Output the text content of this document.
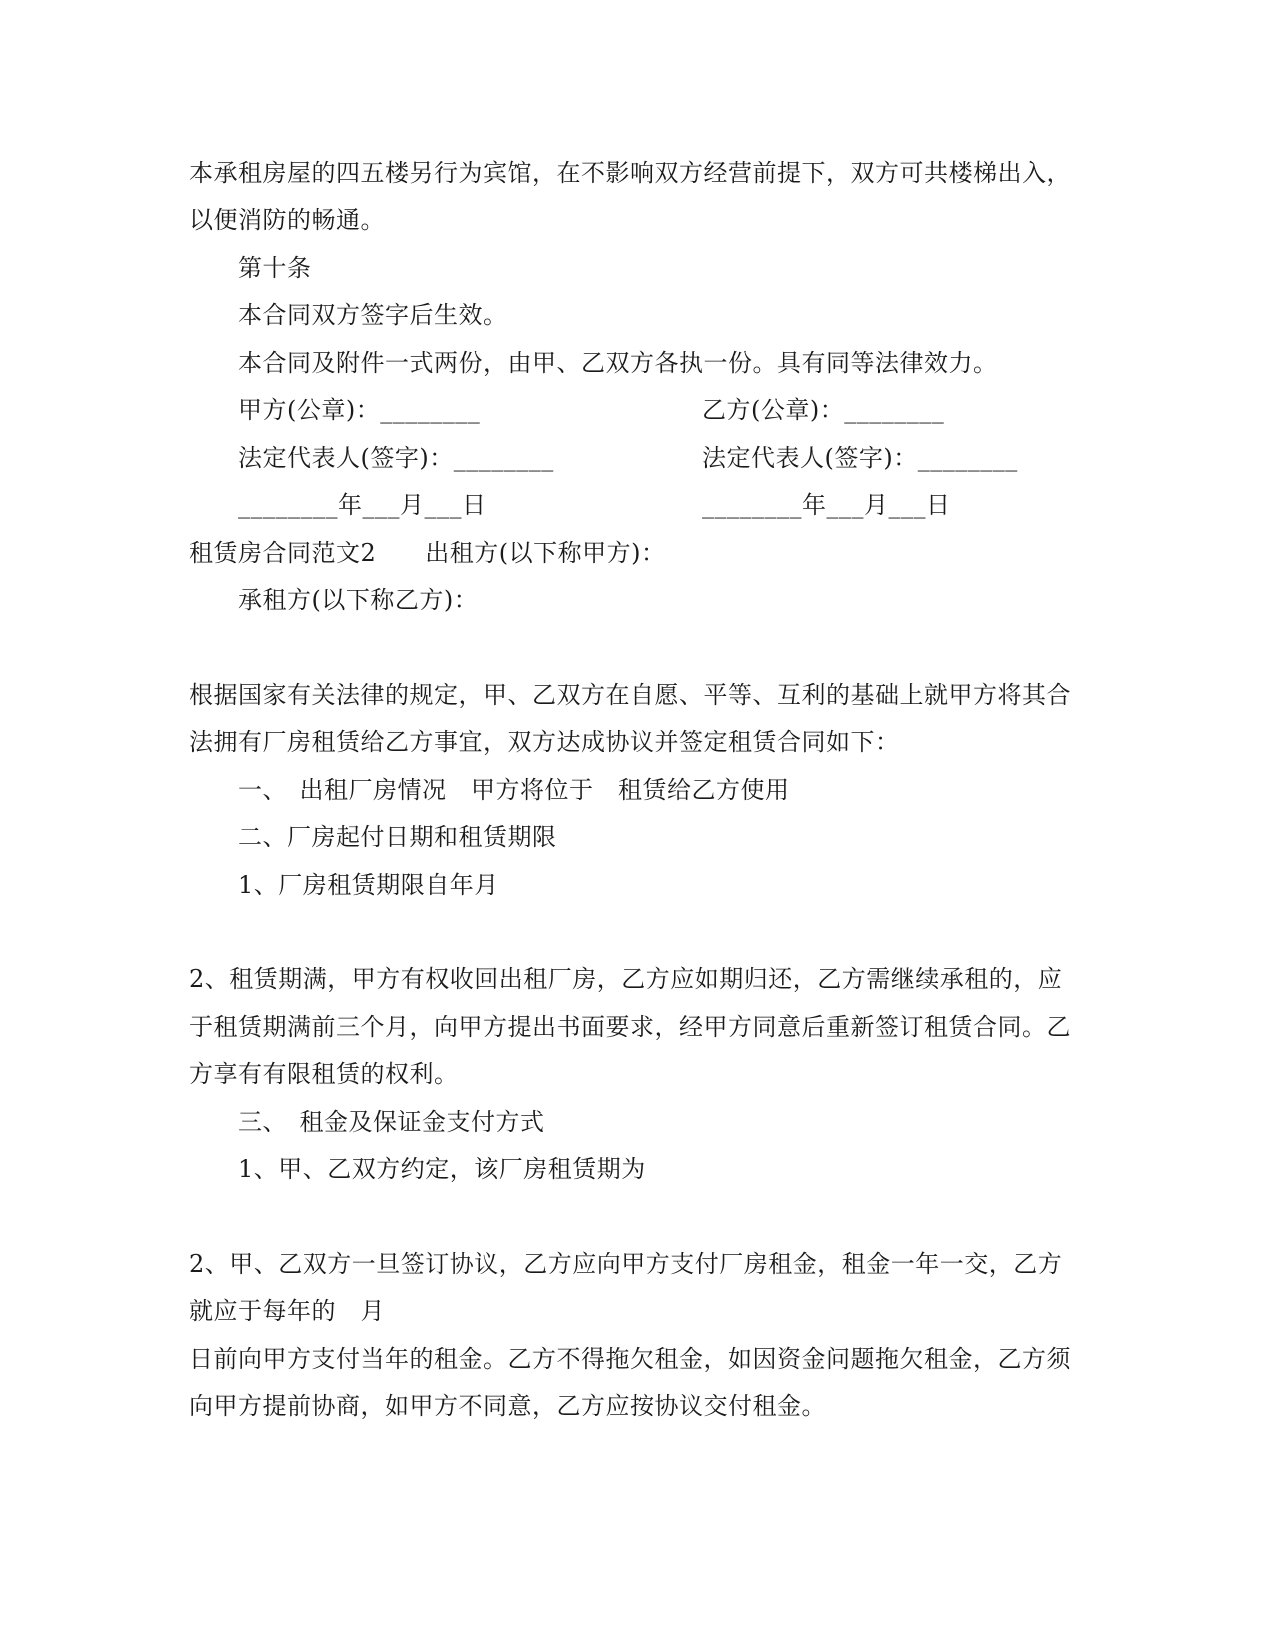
本承租房屋的四五楼另行为宾馆，在不影响双方经营前提下，双方可共楼梯出入，
以便消防的畅通。
第十条
本合同双方签字后生效。
本合同及附件一式两份，由甲、乙双方各执一份。具有同等法律效力。
甲方(公章)：________	乙方(公章)：________
法定代表人(签字)：________	法定代表人(签字)：________
________年___月___日	________年___月___日
租赁房合同范文2　　出租方(以下称甲方)：
承租方(以下称乙方)：
根据国家有关法律的规定，甲、乙双方在自愿、平等、互利的基础上就甲方将其合
法拥有厂房租赁给乙方事宜，双方达成协议并签定租赁合同如下：
一、　出租厂房情况　甲方将位于　租赁给乙方使用
二、厂房起付日期和租赁期限
1、厂房租赁期限自年月
2、租赁期满，甲方有权收回出租厂房，乙方应如期归还，乙方需继续承租的，应
于租赁期满前三个月，向甲方提出书面要求，经甲方同意后重新签订租赁合同。乙
方享有有限租赁的权利。
三、　租金及保证金支付方式
1、甲、乙双方约定，该厂房租赁期为
2、甲、乙双方一旦签订协议，乙方应向甲方支付厂房租金，租金一年一交，乙方
就应于每年的　月
日前向甲方支付当年的租金。乙方不得拖欠租金，如因资金问题拖欠租金，乙方须
向甲方提前协商，如甲方不同意，乙方应按协议交付租金。
